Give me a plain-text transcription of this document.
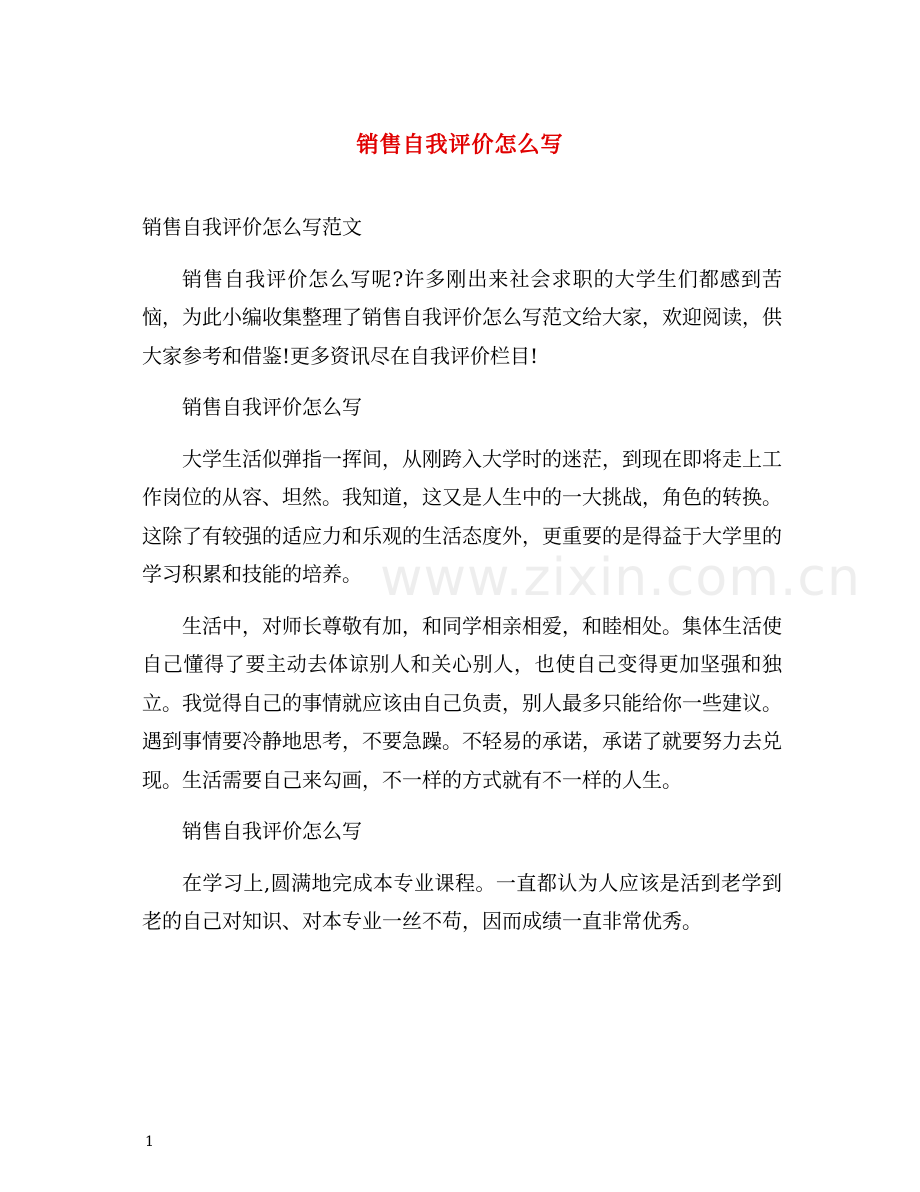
销售自我评价怎么写
www.zixin.com.cn

销售自我评价怎么写范文

销售自我评价怎么写呢?许多刚出来社会求职的大学生们都感到苦恼，为此小编收集整理了销售自我评价怎么写范文给大家，欢迎阅读，供大家参考和借鉴!更多资讯尽在自我评价栏目!

销售自我评价怎么写

大学生活似弹指一挥间，从刚跨入大学时的迷茫，到现在即将走上工作岗位的从容、坦然。我知道，这又是人生中的一大挑战，角色的转换。这除了有较强的适应力和乐观的生活态度外，更重要的是得益于大学里的学习积累和技能的培养。

生活中，对师长尊敬有加，和同学相亲相爱，和睦相处。集体生活使自己懂得了要主动去体谅别人和关心别人，也使自己变得更加坚强和独立。我觉得自己的事情就应该由自己负责，别人最多只能给你一些建议。遇到事情要冷静地思考，不要急躁。不轻易的承诺，承诺了就要努力去兑现。生活需要自己来勾画，不一样的方式就有不一样的人生。

销售自我评价怎么写

在学习上,圆满地完成本专业课程。一直都认为人应该是活到老学到老的自己对知识、对本专业一丝不苟，因而成绩一直非常优秀。

1
